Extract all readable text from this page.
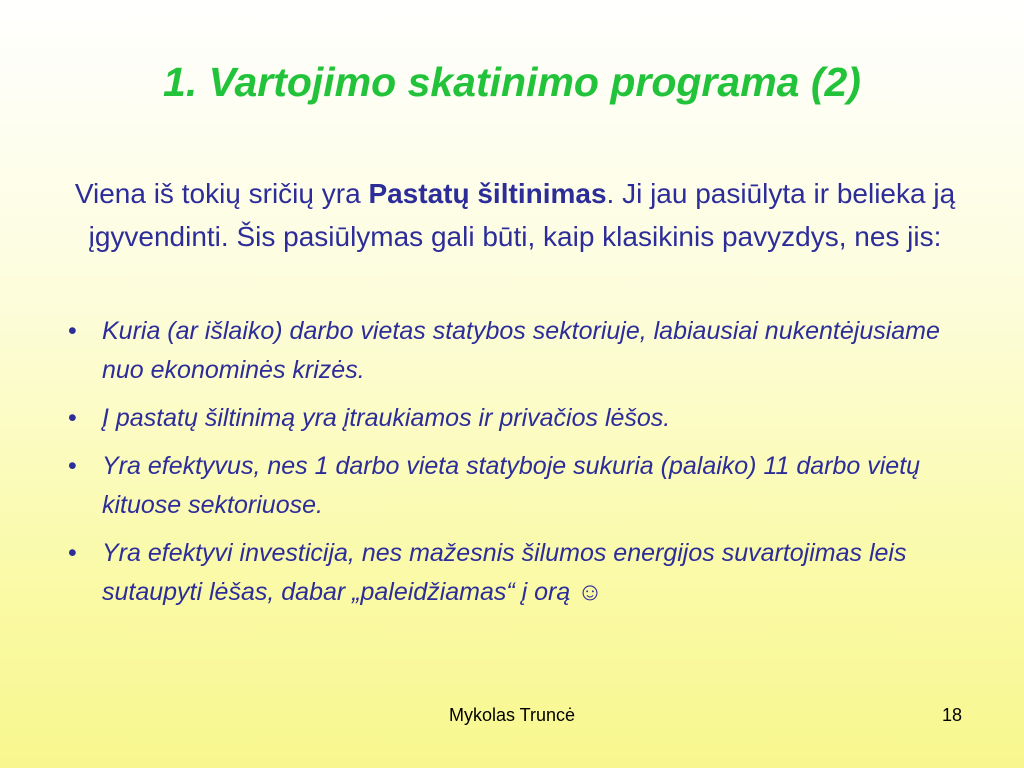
1. Vartojimo skatinimo programa (2)

Viena iš tokių sričių yra Pastatų šiltinimas. Ji jau pasiūlyta ir belieka ją įgyvendinti. Šis pasiūlymas gali būti, kaip klasikinis pavyzdys, nes jis:

• Kuria (ar išlaiko) darbo vietas statybos sektoriuje, labiausiai nukentėjusiame nuo ekonominės krizės.
• Į pastatų šiltinimą yra įtraukiamos ir privačios lėšos.
• Yra efektyvus, nes 1 darbo vieta statyboje sukuria (palaiko) 11 darbo vietų kituose sektoriuose.
• Yra efektyvi investicija, nes mažesnis šilumos energijos suvartojimas leis sutaupyti lėšas, dabar „paleidžiamas“ į orą ☺
Mykolas Truncė	18
